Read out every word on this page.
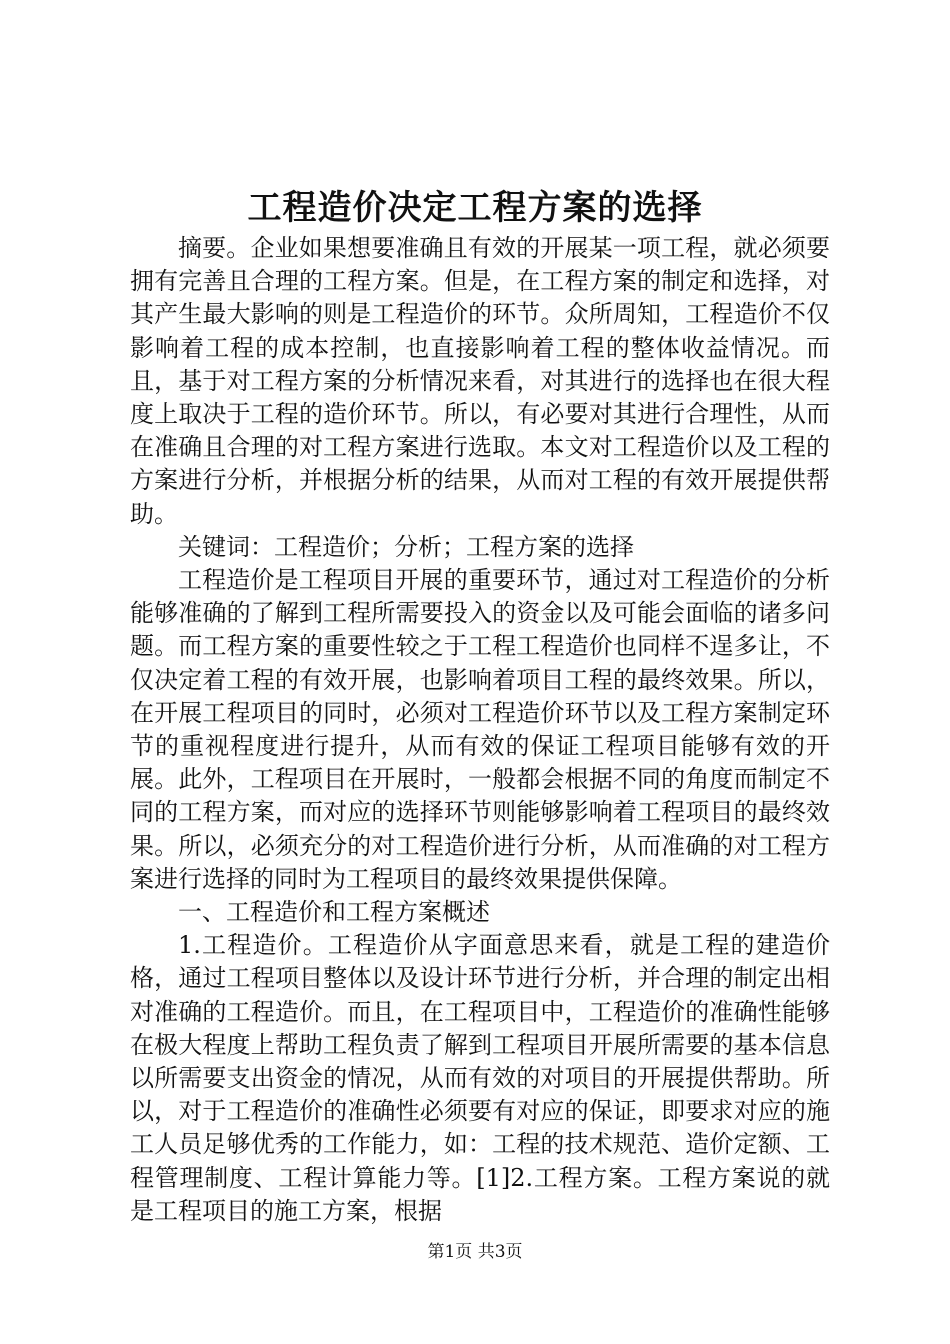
工程造价决定工程方案的选择

摘要。企业如果想要准确且有效的开展某一项工程，就必须要拥有完善且合理的工程方案。但是，在工程方案的制定和选择，对其产生最大影响的则是工程造价的环节。众所周知，工程造价不仅影响着工程的成本控制，也直接影响着工程的整体收益情况。而且，基于对工程方案的分析情况来看，对其进行的选择也在很大程度上取决于工程的造价环节。所以，有必要对其进行合理性，从而在准确且合理的对工程方案进行选取。本文对工程造价以及工程的方案进行分析，并根据分析的结果，从而对工程的有效开展提供帮助。

关键词：工程造价；分析；工程方案的选择

工程造价是工程项目开展的重要环节，通过对工程造价的分析能够准确的了解到工程所需要投入的资金以及可能会面临的诸多问题。而工程方案的重要性较之于工程工程造价也同样不逞多让，不仅决定着工程的有效开展，也影响着项目工程的最终效果。所以，在开展工程项目的同时，必须对工程造价环节以及工程方案制定环节的重视程度进行提升，从而有效的保证工程项目能够有效的开展。此外，工程项目在开展时，一般都会根据不同的角度而制定不同的工程方案，而对应的选择环节则能够影响着工程项目的最终效果。所以，必须充分的对工程造价进行分析，从而准确的对工程方案进行选择的同时为工程项目的最终效果提供保障。

一、工程造价和工程方案概述

1.工程造价。工程造价从字面意思来看，就是工程的建造价格，通过工程项目整体以及设计环节进行分析，并合理的制定出相对准确的工程造价。而且，在工程项目中，工程造价的准确性能够在极大程度上帮助工程负责了解到工程项目开展所需要的基本信息以所需要支出资金的情况，从而有效的对项目的开展提供帮助。所以，对于工程造价的准确性必须要有对应的保证，即要求对应的施工人员足够优秀的工作能力，如：工程的技术规范、造价定额、工程管理制度、工程计算能力等。[1]2.工程方案。工程方案说的就是工程项目的施工方案，根据

第1页 共3页
